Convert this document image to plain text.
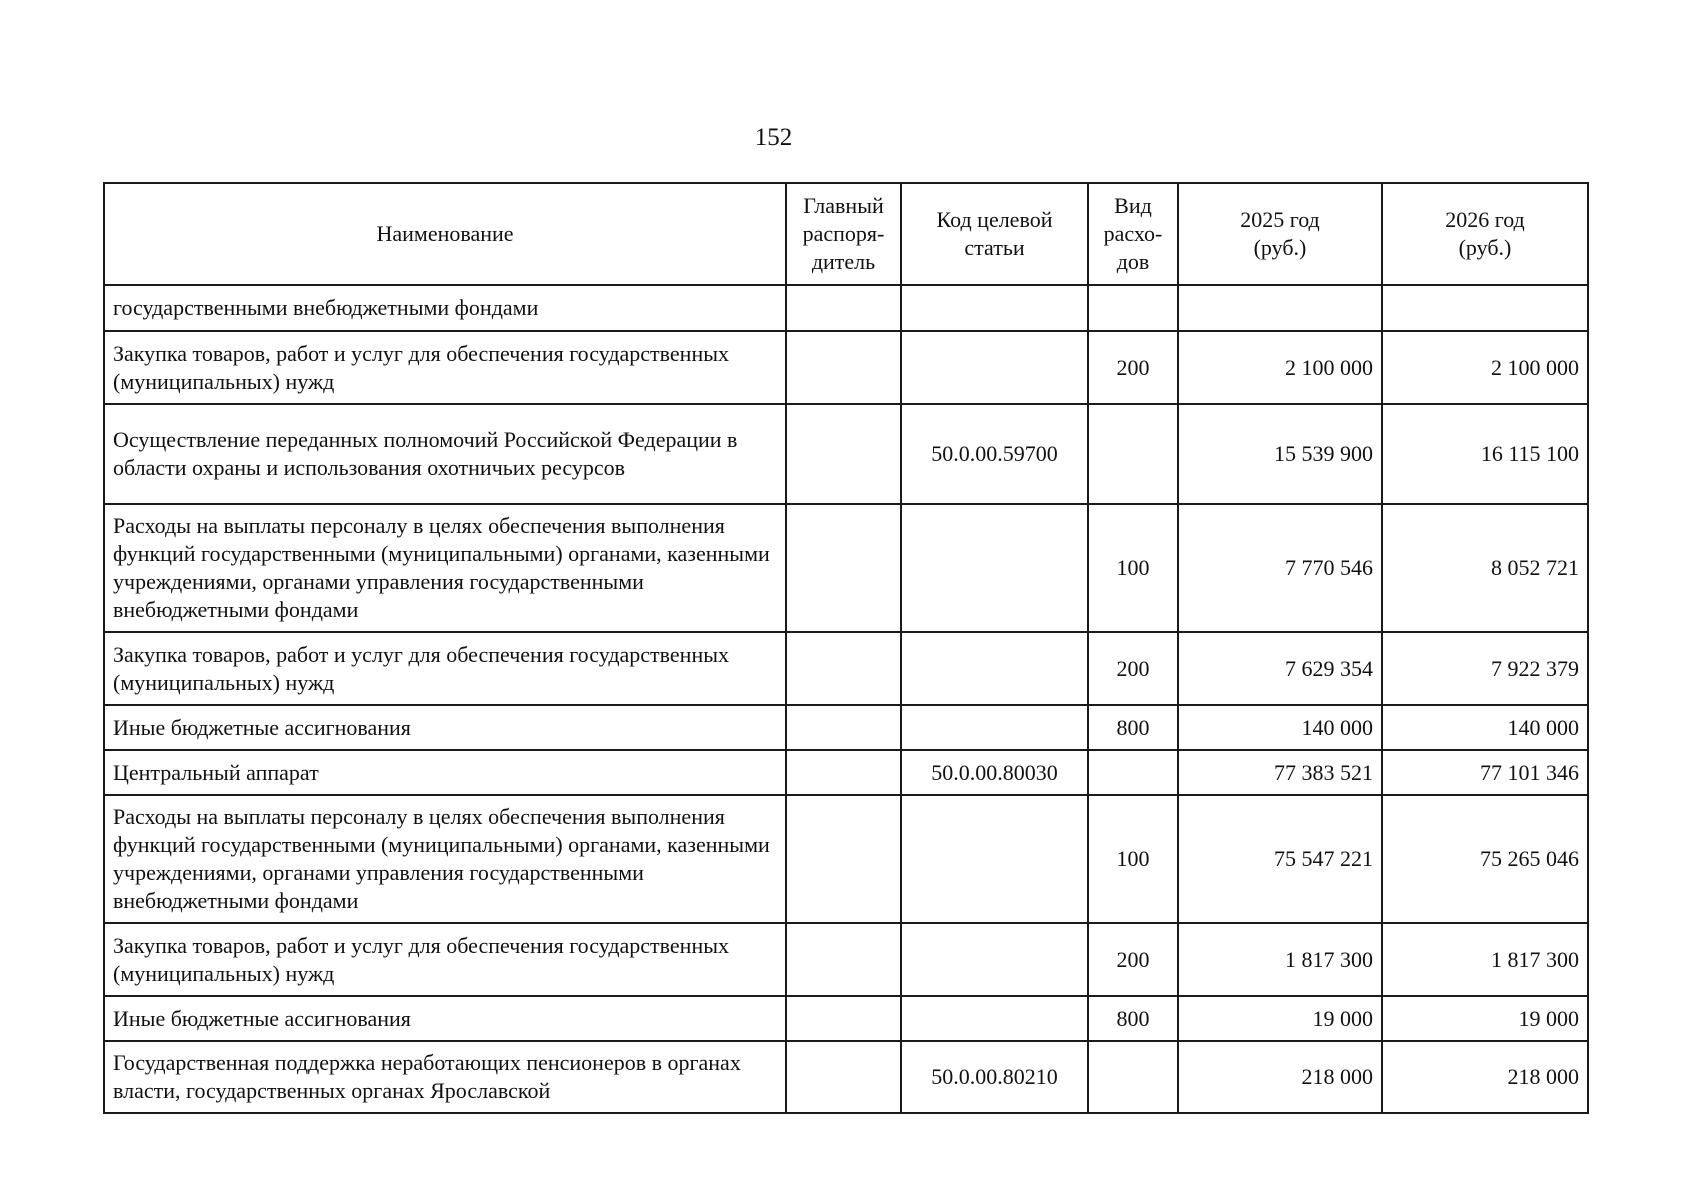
152
Наименование	Главный распоря-дитель	Код целевой статьи	Вид расхо-дов	2025 год (руб.)	2026 год (руб.)
государственными внебюджетными фондами					
Закупка товаров, работ и услуг для обеспечения государственных (муниципальных) нужд			200	2 100 000	2 100 000
Осуществление переданных полномочий Российской Федерации в области охраны и использования охотничьих ресурсов		50.0.00.59700		15 539 900	16 115 100
Расходы на выплаты персоналу в целях обеспечения выполнения функций государственными (муниципальными) органами, казенными учреждениями, органами управления государственными внебюджетными фондами			100	7 770 546	8 052 721
Закупка товаров, работ и услуг для обеспечения государственных (муниципальных) нужд			200	7 629 354	7 922 379
Иные бюджетные ассигнования			800	140 000	140 000
Центральный аппарат		50.0.00.80030		77 383 521	77 101 346
Расходы на выплаты персоналу в целях обеспечения выполнения функций государственными (муниципальными) органами, казенными учреждениями, органами управления государственными внебюджетными фондами			100	75 547 221	75 265 046
Закупка товаров, работ и услуг для обеспечения государственных (муниципальных) нужд			200	1 817 300	1 817 300
Иные бюджетные ассигнования			800	19 000	19 000
Государственная поддержка неработающих пенсионеров в органах власти, государственных органах Ярославской		50.0.00.80210		218 000	218 000
